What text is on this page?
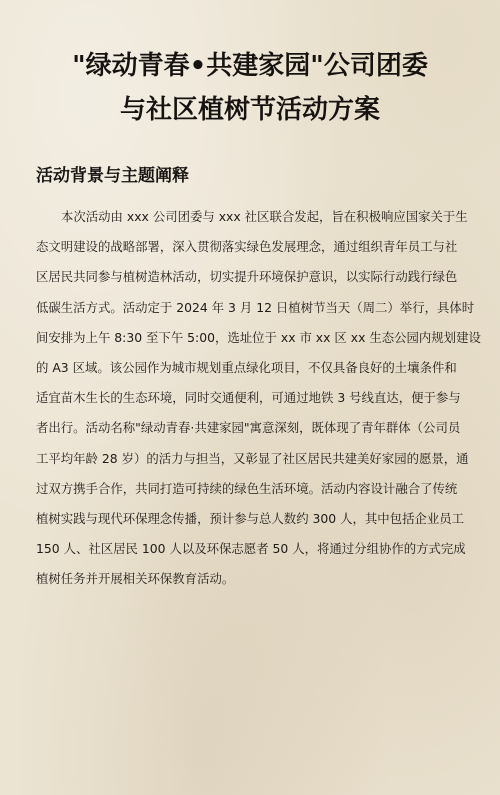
"绿动青春•共建家园"公司团委
与社区植树节活动方案
活动背景与主题阐释
本次活动由 xxx 公司团委与 xxx 社区联合发起，旨在积极响应国家关于生
态文明建设的战略部署，深入贯彻落实绿色发展理念，通过组织青年员工与社
区居民共同参与植树造林活动，切实提升环境保护意识，以实际行动践行绿色
低碳生活方式。活动定于 2024 年 3 月 12 日植树节当天（周二）举行，具体时
间安排为上午 8:30 至下午 5:00，选址位于 xx 市 xx 区 xx 生态公园内规划建设
的 A3 区域。该公园作为城市规划重点绿化项目，不仅具备良好的土壤条件和
适宜苗木生长的生态环境，同时交通便利，可通过地铁 3 号线直达，便于参与
者出行。活动名称"绿动青春·共建家园"寓意深刻，既体现了青年群体（公司员
工平均年龄 28 岁）的活力与担当，又彰显了社区居民共建美好家园的愿景，通
过双方携手合作，共同打造可持续的绿色生活环境。活动内容设计融合了传统
植树实践与现代环保理念传播，预计参与总人数约 300 人，其中包括企业员工
150 人、社区居民 100 人以及环保志愿者 50 人，将通过分组协作的方式完成
植树任务并开展相关环保教育活动。
